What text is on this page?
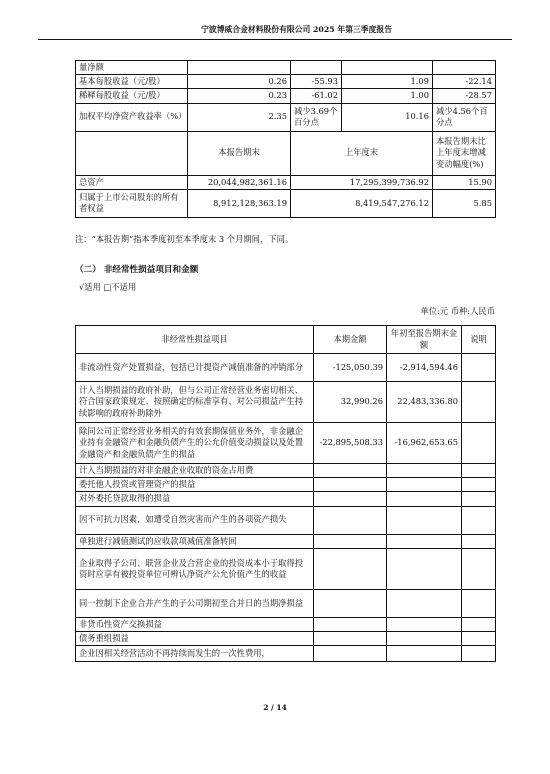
宁波博威合金材料股份有限公司 2025 年第三季度报告
量净额				
基本每股收益（元/股）	0.26	-55.93	1.09	-22.14
稀释每股收益（元/股）	0.23	-61.02	1.00	-28.57
加权平均净资产收益率（%）	2.35	减少3.69个百分点	10.16	减少4.56个百分点
	本报告期末	上年度末		本报告期末比上年度末增减变动幅度(%)
总资产	20,044,982,361.16	17,295,399,736.92		15.90
归属于上市公司股东的所有者权益	8,912,128,363.19	8,419,547,276.12		5.85
注：“本报告期”指本季度初至本季度末 3 个月期间，下同。
（二） 非经常性损益项目和金额
√适用 □不适用
单位:元 币种:人民币
非经常性损益项目	本期金额	年初至报告期末金额	说明
非流动性资产处置损益，包括已计提资产减值准备的冲销部分	-125,050.39	-2,914,594.46	
计入当期损益的政府补助，但与公司正常经营业务密切相关、符合国家政策规定、按照确定的标准享有、对公司损益产生持续影响的政府补助除外	32,990.26	22,483,336.80	
除同公司正常经营业务相关的有效套期保值业务外，非金融企业持有金融资产和金融负债产生的公允价值变动损益以及处置金融资产和金融负债产生的损益	-22,895,508.33	-16,962,653.65	
计入当期损益的对非金融企业收取的资金占用费			
委托他人投资或管理资产的损益			
对外委托贷款取得的损益			
因不可抗力因素，如遭受自然灾害而产生的各项资产损失			
单独进行减值测试的应收款项减值准备转回			
企业取得子公司、联营企业及合营企业的投资成本小于取得投资时应享有被投资单位可辨认净资产公允价值产生的收益			
同一控制下企业合并产生的子公司期初至合并日的当期净损益			
非货币性资产交换损益			
债务重组损益			
企业因相关经营活动不再持续而发生的一次性费用，			
2 / 14
